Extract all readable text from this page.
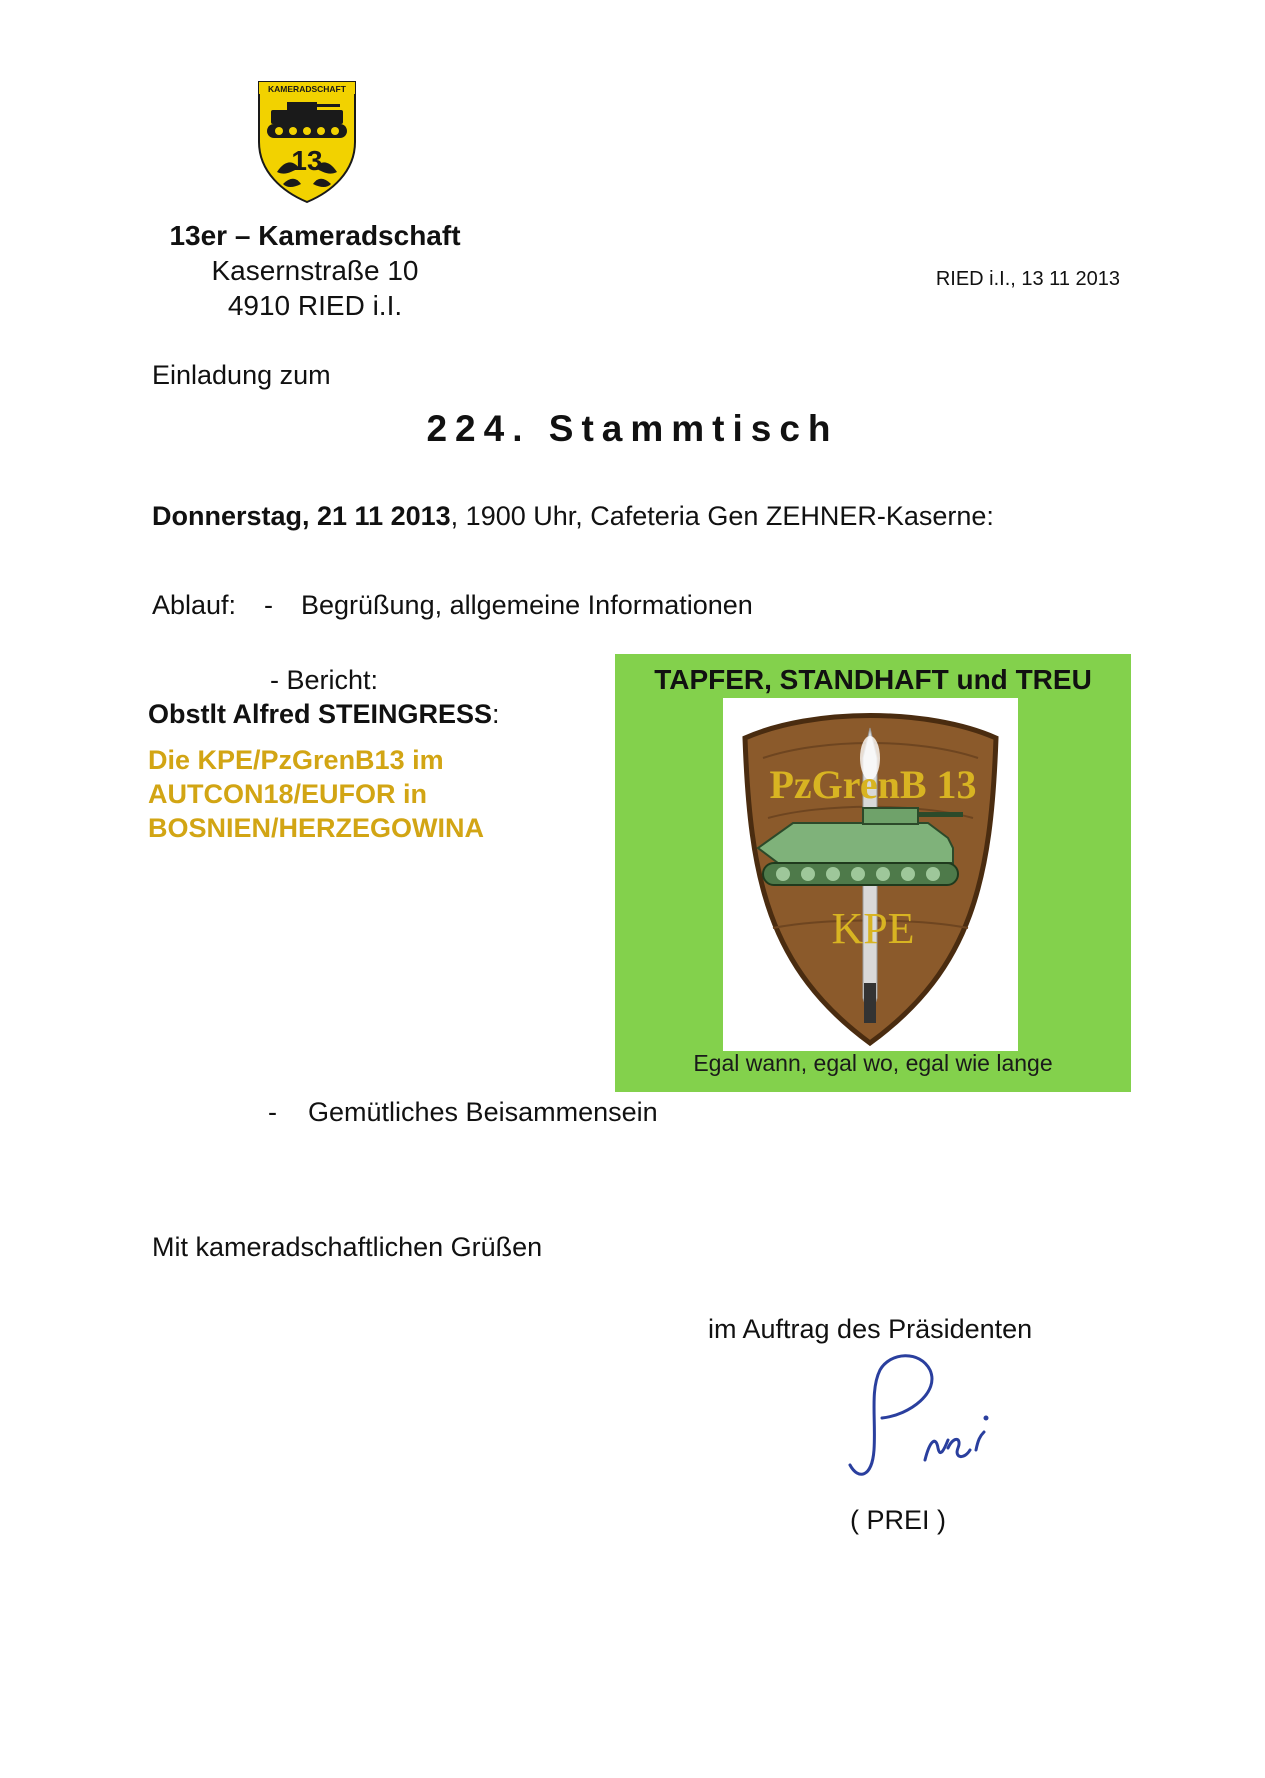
KAMERADSCHAFT
13
13er – Kameradschaft
Kasernstraße 10
4910 RIED i.I.
RIED i.I., 13 11 2013
Einladung zum
224. Stammtisch
Donnerstag, 21 11 2013, 1900 Uhr, Cafeteria Gen ZEHNER-Kaserne:
Ablauf: - Begrüßung, allgemeine Informationen
- Bericht:
Obstlt Alfred STEINGRESS:
Die KPE/PzGrenB13 im AUTCON18/EUFOR in BOSNIEN/HERZEGOWINA
TAPFER, STANDHAFT und TREU
PzGrenB 13
KPE
Egal wann, egal wo, egal wie lange
- Gemütliches Beisammensein
Mit kameradschaftlichen Grüßen
im Auftrag des Präsidenten
( PREI )
